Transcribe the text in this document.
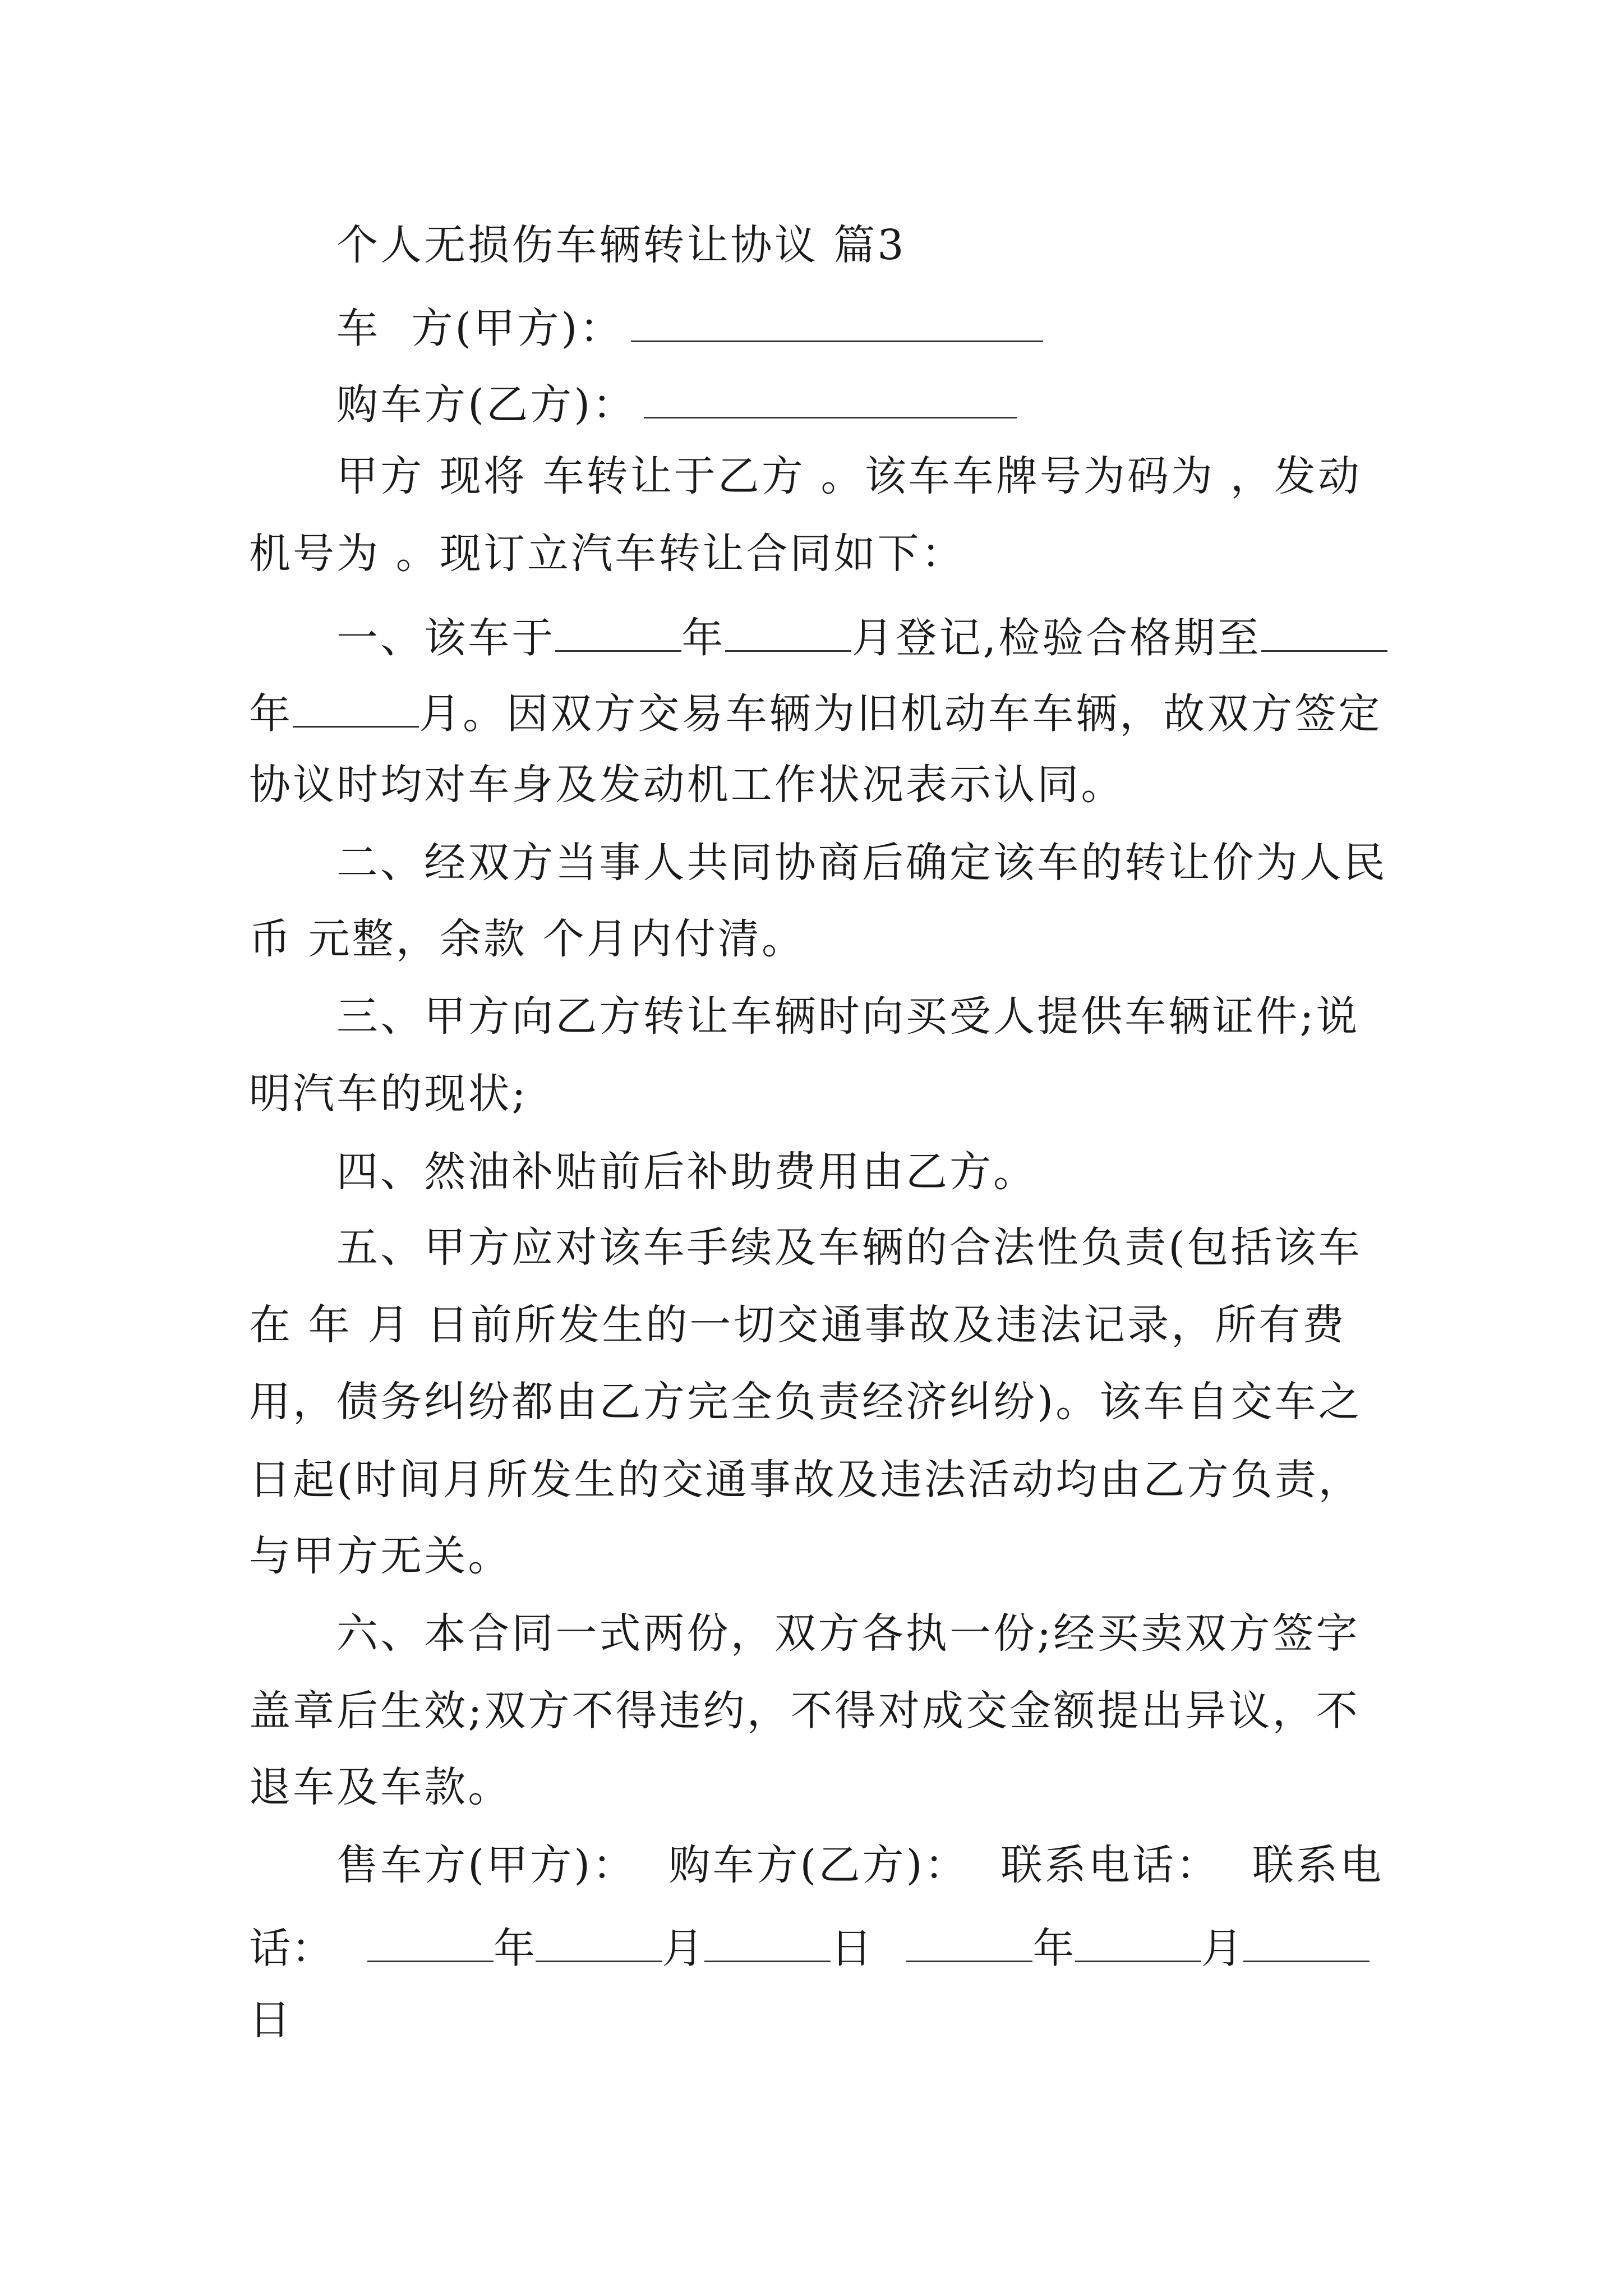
个人无损伤车辆转让协议 篇3
车  方(甲方)：
购车方(乙方)：
甲方 现将 车转让于乙方 。该车车牌号为码为 ，发动
机号为 。现订立汽车转让合同如下：
一、该车于	年	月登记,检验合格期至
年	月。因双方交易车辆为旧机动车车辆，故双方签定
协议时均对车身及发动机工作状况表示认同。
二、经双方当事人共同协商后确定该车的转让价为人民
币 元整，余款 个月内付清。
三、甲方向乙方转让车辆时向买受人提供车辆证件;说
明汽车的现状;
四、然油补贴前后补助费用由乙方。
五、甲方应对该车手续及车辆的合法性负责(包括该车
在 年 月 日前所发生的一切交通事故及违法记录，所有费
用，债务纠纷都由乙方完全负责经济纠纷)。该车自交车之
日起(时间月所发生的交通事故及违法活动均由乙方负责，
与甲方无关。
六、本合同一式两份，双方各执一份;经买卖双方签字
盖章后生效;双方不得违约，不得对成交金额提出异议，不
退车及车款。
售车方(甲方)： 购车方(乙方)： 联系电话： 联系电
话：	年	月	日	年	月
日
